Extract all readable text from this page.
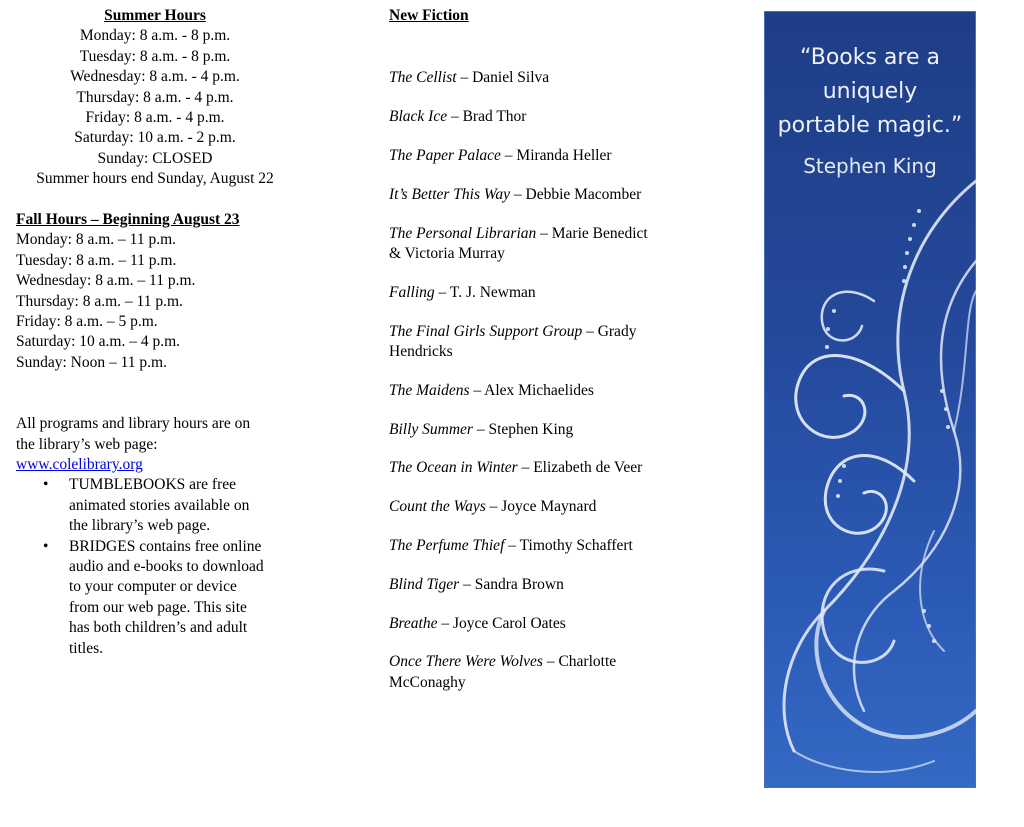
Summer Hours
Monday: 8 a.m. - 8 p.m.
Tuesday: 8 a.m. - 8 p.m.
Wednesday: 8 a.m. - 4 p.m.
Thursday: 8 a.m. - 4 p.m.
Friday: 8 a.m. - 4 p.m.
Saturday: 10 a.m. - 2 p.m.
Sunday: CLOSED
Summer hours end Sunday, August 22
Fall Hours – Beginning August 23
Monday: 8 a.m. – 11 p.m.
Tuesday: 8 a.m. – 11 p.m.
Wednesday: 8 a.m. – 11 p.m.
Thursday: 8 a.m. – 11 p.m.
Friday: 8 a.m. – 5 p.m.
Saturday: 10 a.m. – 4 p.m.
Sunday: Noon – 11 p.m.
All programs and library hours are on
the library’s web page:
www.colelibrary.org
• TUMBLEBOOKS are free
animated stories available on
the library’s web page.
• BRIDGES contains free online
audio and e-books to download
to your computer or device
from our web page. This site
has both children’s and adult
titles.
New Fiction
The Cellist – Daniel Silva
Black Ice – Brad Thor
The Paper Palace – Miranda Heller
It’s Better This Way – Debbie Macomber
The Personal Librarian – Marie Benedict & Victoria Murray
Falling – T. J. Newman
The Final Girls Support Group – Grady Hendricks
The Maidens – Alex Michaelides
Billy Summer – Stephen King
The Ocean in Winter – Elizabeth de Veer
Count the Ways – Joyce Maynard
The Perfume Thief – Timothy Schaffert
Blind Tiger – Sandra Brown
Breathe – Joyce Carol Oates
Once There Were Wolves – Charlotte McConaghy
“Books are a
uniquely
portable magic.”
Stephen King
